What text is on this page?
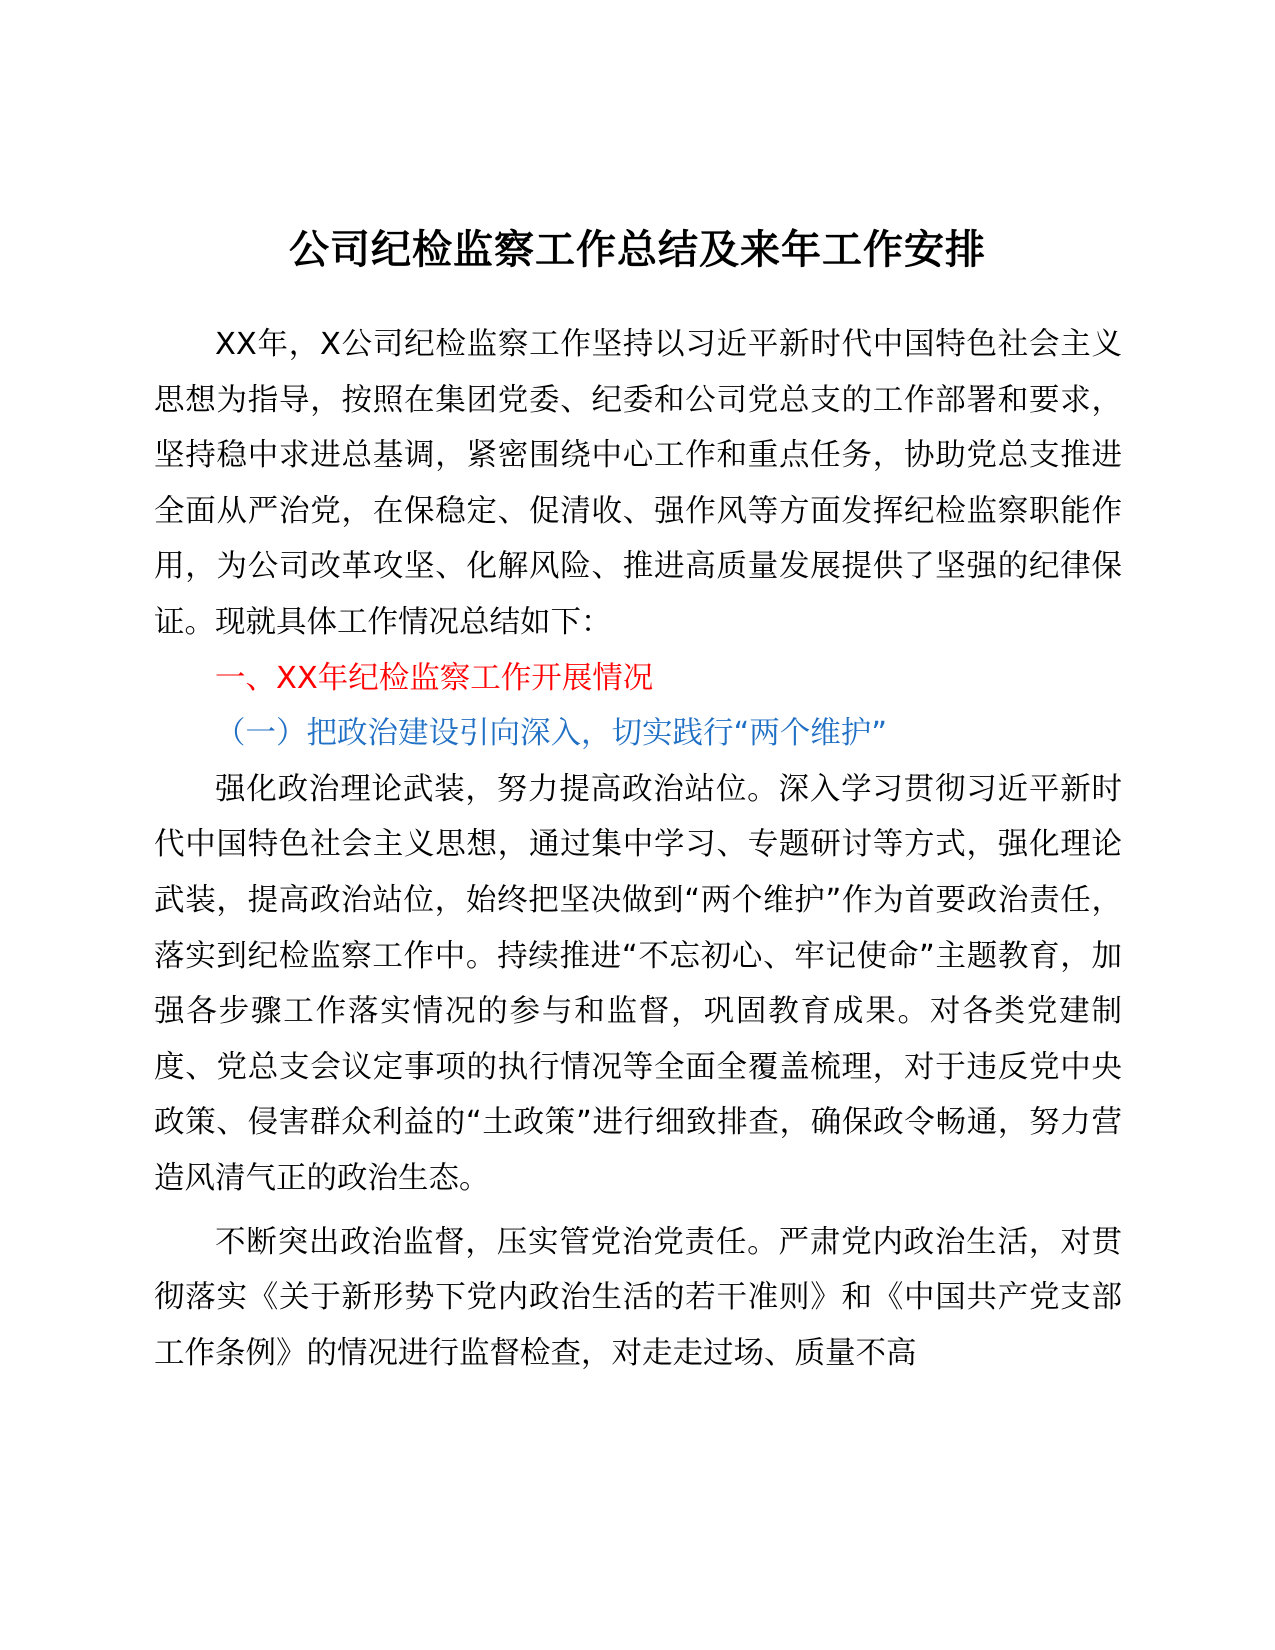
公司纪检监察工作总结及来年工作安排

XX年，X公司纪检监察工作坚持以习近平新时代中国特色社会主义思想为指导，按照在集团党委、纪委和公司党总支的工作部署和要求，坚持稳中求进总基调，紧密围绕中心工作和重点任务，协助党总支推进全面从严治党，在保稳定、促清收、强作风等方面发挥纪检监察职能作用，为公司改革攻坚、化解风险、推进高质量发展提供了坚强的纪律保证。现就具体工作情况总结如下：

一、XX年纪检监察工作开展情况

（一）把政治建设引向深入，切实践行“两个维护”

强化政治理论武装，努力提高政治站位。深入学习贯彻习近平新时代中国特色社会主义思想，通过集中学习、专题研讨等方式，强化理论武装，提高政治站位，始终把坚决做到“两个维护”作为首要政治责任，落实到纪检监察工作中。持续推进“不忘初心、牢记使命”主题教育，加强各步骤工作落实情况的参与和监督，巩固教育成果。对各类党建制度、党总支会议定事项的执行情况等全面全覆盖梳理，对于违反党中央政策、侵害群众利益的“土政策”进行细致排查，确保政令畅通，努力营造风清气正的政治生态。

不断突出政治监督，压实管党治党责任。严肃党内政治生活，对贯彻落实《关于新形势下党内政治生活的若干准则》和《中国共产党支部工作条例》的情况进行监督检查，对走走过场、质量不高
